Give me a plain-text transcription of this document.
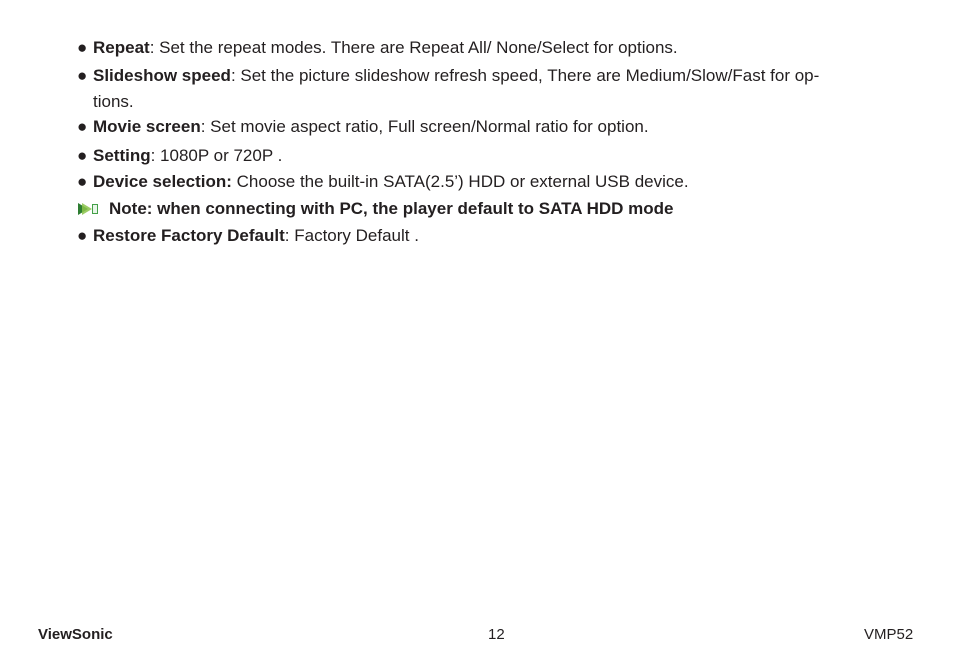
● Repeat: Set the repeat modes. There are Repeat All/ None/Select for options.
● Slideshow speed: Set the picture slideshow refresh speed, There are Medium/Slow/Fast for op-
tions.
● Movie screen: Set movie aspect ratio, Full screen/Normal ratio for option.
● Setting: 1080P or 720P .
● Device selection: Choose the built-in SATA(2.5’) HDD or external USB device.
Note: when connecting with PC, the player default to SATA HDD mode
● Restore Factory Default: Factory Default .
ViewSonic	12	VMP52
